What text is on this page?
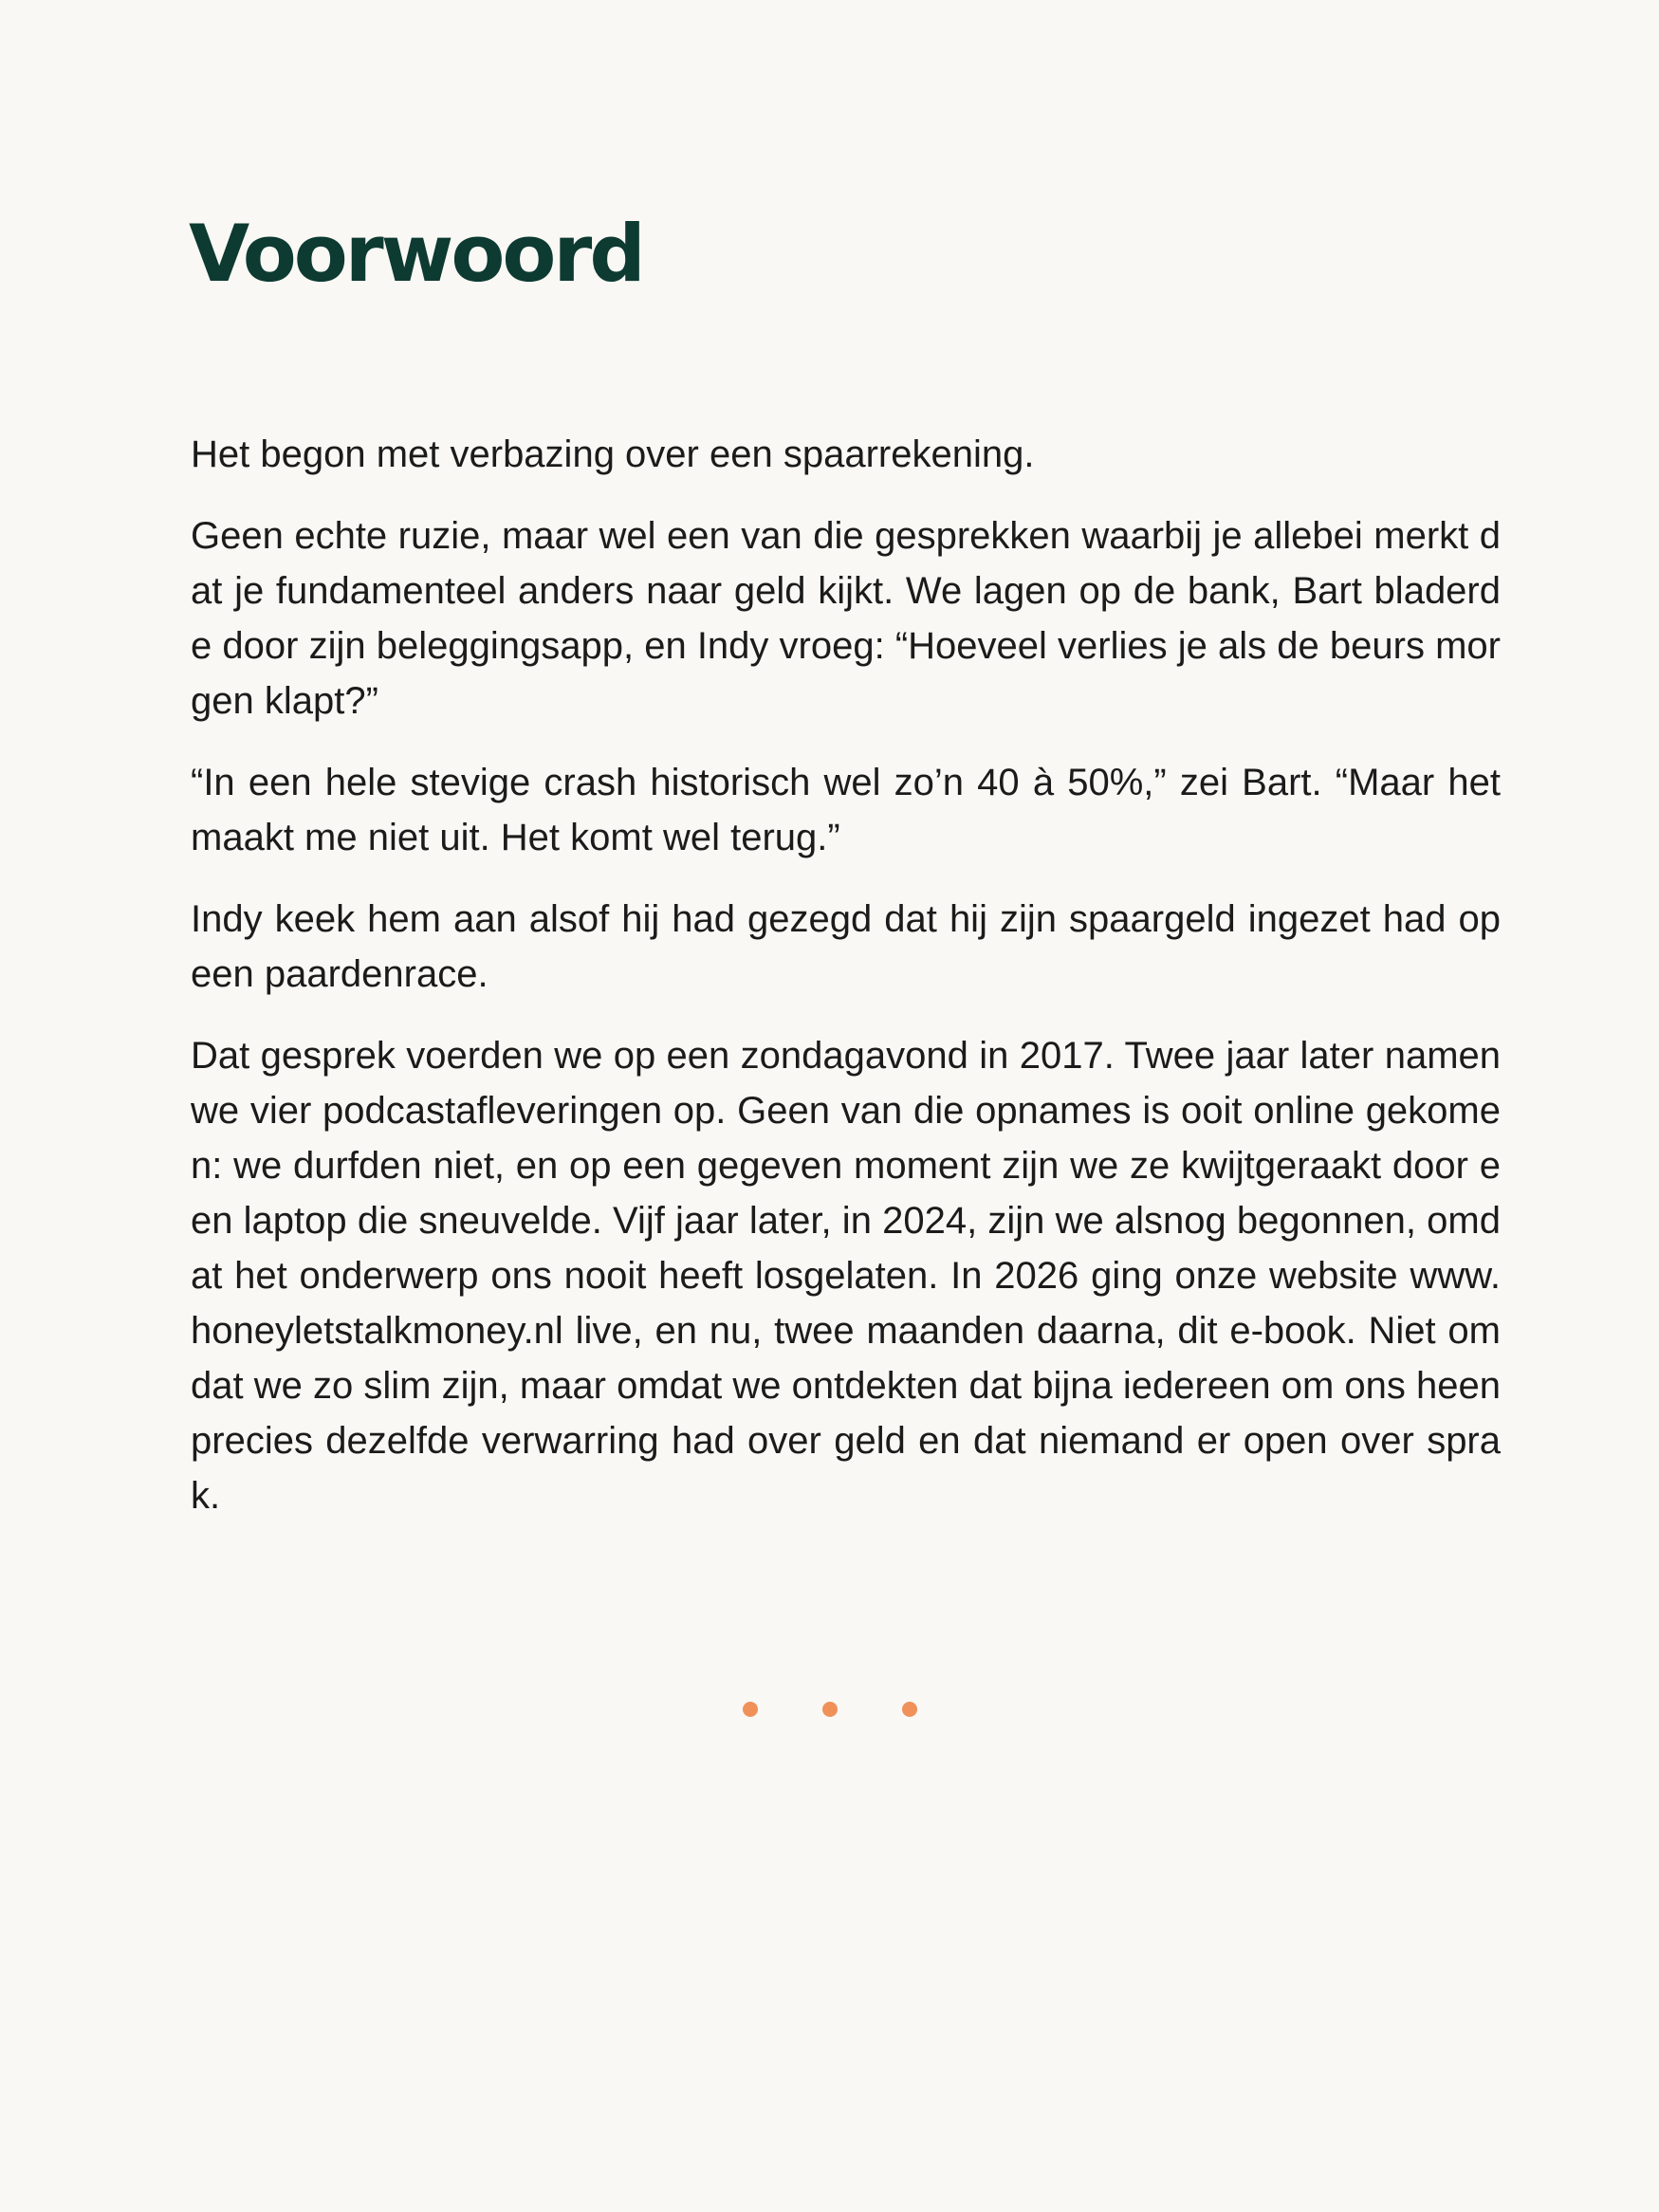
Voorwoord

Het begon met verbazing over een spaarrekening.

Geen echte ruzie, maar wel een van die gesprekken waarbij je allebei merkt dat je fundamenteel anders naar geld kijkt. We lagen op de bank, Bart bladerde door zijn beleggingsapp, en Indy vroeg: “Hoeveel verlies je als de beurs morgen klapt?”

“In een hele stevige crash historisch wel zo’n 40 à 50%,” zei Bart. “Maar het maakt me niet uit. Het komt wel terug.”

Indy keek hem aan alsof hij had gezegd dat hij zijn spaargeld ingezet had op een paardenrace.

Dat gesprek voerden we op een zondagavond in 2017. Twee jaar later namen we vier podcastafleveringen op. Geen van die opnames is ooit online gekomen: we durfden niet, en op een gegeven moment zijn we ze kwijtgeraakt door een laptop die sneuvelde. Vijf jaar later, in 2024, zijn we alsnog begonnen, omdat het onderwerp ons nooit heeft losgelaten. In 2026 ging onze website www.honeyletstalkmoney.nl live, en nu, twee maanden daarna, dit e-book. Niet omdat we zo slim zijn, maar omdat we ontdekten dat bijna iedereen om ons heen precies dezelfde verwarring had over geld en dat niemand er open over sprak.
